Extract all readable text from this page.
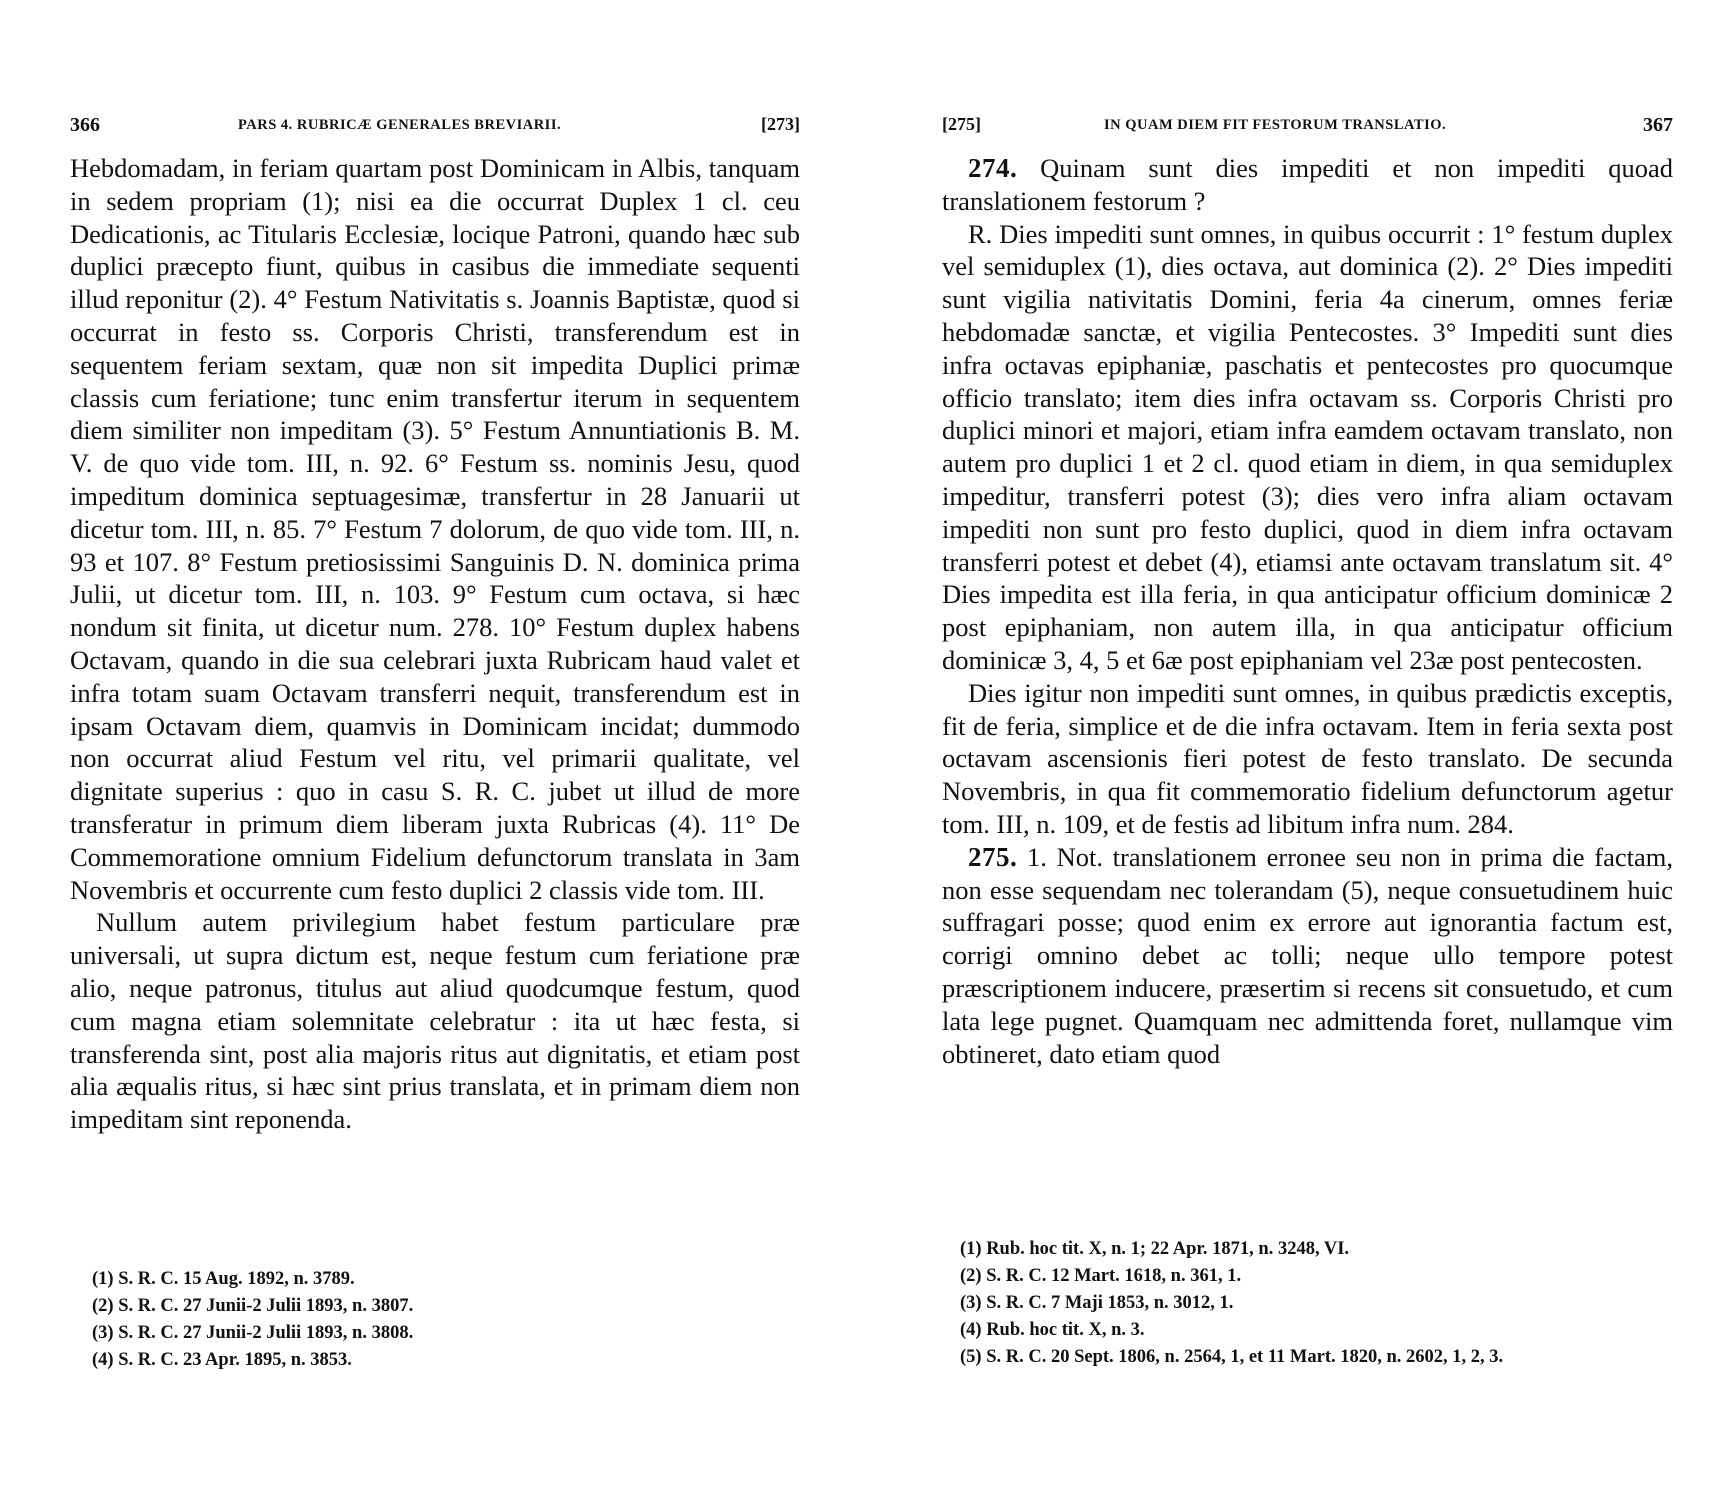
366	PARS 4. RUBRICÆ GENERALES BREVIARII.	[273]

Hebdomadam, in feriam quartam post Dominicam in Albis, tanquam in sedem propriam (1); nisi ea die occurrat Duplex 1 cl. ceu Dedicationis, ac Titularis Ecclesiæ, locique Patroni, quando hæc sub duplici præcepto fiunt, quibus in casibus die immediate sequenti illud reponitur (2). 4° Festum Nativitatis s. Joannis Baptistæ, quod si occurrat in festo ss. Corporis Christi, transferendum est in sequentem feriam sextam, quæ non sit impedita Duplici primæ classis cum feriatione; tunc enim transfertur iterum in sequentem diem similiter non impeditam (3). 5° Festum Annuntiationis B. M. V. de quo vide tom. III, n. 92. 6° Festum ss. nominis Jesu, quod impeditum dominica septuagesimæ, transfertur in 28 Januarii ut dicetur tom. III, n. 85. 7° Festum 7 dolorum, de quo vide tom. III, n. 93 et 107. 8° Festum pretiosissimi Sanguinis D. N. dominica prima Julii, ut dicetur tom. III, n. 103. 9° Festum cum octava, si hæc nondum sit finita, ut dicetur num. 278. 10° Festum duplex habens Octavam, quando in die sua celebrari juxta Rubricam haud valet et infra totam suam Octavam transferri nequit, transferendum est in ipsam Octavam diem, quamvis in Dominicam incidat; dummodo non occurrat aliud Festum vel ritu, vel primarii qualitate, vel dignitate superius : quo in casu S. R. C. jubet ut illud de more transferatur in primum diem liberam juxta Rubricas (4). 11° De Commemoratione omnium Fidelium defunctorum translata in 3am Novembris et occurrente cum festo duplici 2 classis vide tom. III.

Nullum autem privilegium habet festum particulare præ universali, ut supra dictum est, neque festum cum feriatione præ alio, neque patronus, titulus aut aliud quodcumque festum, quod cum magna etiam solemnitate celebratur : ita ut hæc festa, si transferenda sint, post alia majoris ritus aut dignitatis, et etiam post alia æqualis ritus, si hæc sint prius translata, et in primam diem non impeditam sint reponenda.

(1) S. R. C. 15 Aug. 1892, n. 3789.

(2) S. R. C. 27 Junii-2 Julii 1893, n. 3807.

(3) S. R. C. 27 Junii-2 Julii 1893, n. 3808.

(4) S. R. C. 23 Apr. 1895, n. 3853.

[275]	IN QUAM DIEM FIT FESTORUM TRANSLATIO.	367

274. Quinam sunt dies impediti et non impediti quoad translationem festorum ?

R. Dies impediti sunt omnes, in quibus occurrit : 1° festum duplex vel semiduplex (1), dies octava, aut dominica (2). 2° Dies impediti sunt vigilia nativitatis Domini, feria 4a cinerum, omnes feriæ hebdomadæ sanctæ, et vigilia Pentecostes. 3° Impediti sunt dies infra octavas epiphaniæ, paschatis et pentecostes pro quocumque officio translato; item dies infra octavam ss. Corporis Christi pro duplici minori et majori, etiam infra eamdem octavam translato, non autem pro duplici 1 et 2 cl. quod etiam in diem, in qua semiduplex impeditur, transferri potest (3); dies vero infra aliam octavam impediti non sunt pro festo duplici, quod in diem infra octavam transferri potest et debet (4), etiamsi ante octavam translatum sit. 4° Dies impedita est illa feria, in qua anticipatur officium dominicæ 2 post epiphaniam, non autem illa, in qua anticipatur officium dominicæ 3, 4, 5 et 6æ post epiphaniam vel 23æ post pentecosten.

Dies igitur non impediti sunt omnes, in quibus prædictis exceptis, fit de feria, simplice et de die infra octavam. Item in feria sexta post octavam ascensionis fieri potest de festo translato. De secunda Novembris, in qua fit commemoratio fidelium defunctorum agetur tom. III, n. 109, et de festis ad libitum infra num. 284.

275. 1. Not. translationem erronee seu non in prima die factam, non esse sequendam nec tolerandam (5), neque consuetudinem huic suffragari posse; quod enim ex errore aut ignorantia factum est, corrigi omnino debet ac tolli; neque ullo tempore potest præscriptionem inducere, præsertim si recens sit consuetudo, et cum lata lege pugnet. Quamquam nec admittenda foret, nullamque vim obtineret, dato etiam quod

(1) Rub. hoc tit. X, n. 1; 22 Apr. 1871, n. 3248, VI.

(2) S. R. C. 12 Mart. 1618, n. 361, 1.

(3) S. R. C. 7 Maji 1853, n. 3012, 1.

(4) Rub. hoc tit. X, n. 3.

(5) S. R. C. 20 Sept. 1806, n. 2564, 1, et 11 Mart. 1820, n. 2602, 1, 2, 3.
